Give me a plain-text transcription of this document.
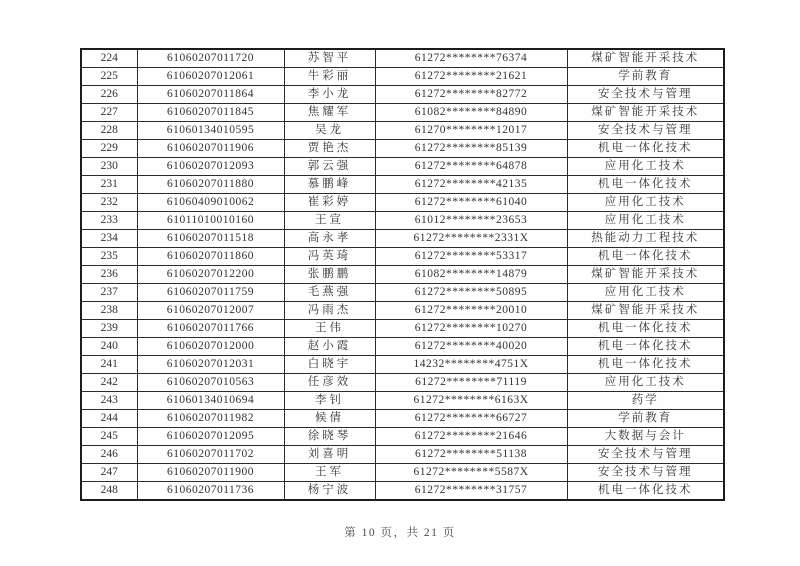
224	61060207011720	苏智平	61272********76374	煤矿智能开采技术
225	61060207012061	牛彩丽	61272********21621	学前教育
226	61060207011864	李小龙	61272********82772	安全技术与管理
227	61060207011845	焦耀军	61082********84890	煤矿智能开采技术
228	61060134010595	吴龙	61270********12017	安全技术与管理
229	61060207011906	贾艳杰	61272********85139	机电一体化技术
230	61060207012093	郭云强	61272********64878	应用化工技术
231	61060207011880	慕鹏峰	61272********42135	机电一体化技术
232	61060409010062	崔彩婷	61272********61040	应用化工技术
233	61011010010160	王宣	61012********23653	应用化工技术
234	61060207011518	高永孝	61272********2331X	热能动力工程技术
235	61060207011860	冯英琦	61272********53317	机电一体化技术
236	61060207012200	张鹏鹏	61082********14879	煤矿智能开采技术
237	61060207011759	毛燕强	61272********50895	应用化工技术
238	61060207012007	冯雨杰	61272********20010	煤矿智能开采技术
239	61060207011766	王伟	61272********10270	机电一体化技术
240	61060207012000	赵小霞	61272********40020	机电一体化技术
241	61060207012031	白晓宇	14232********4751X	机电一体化技术
242	61060207010563	任彦效	61272********71119	应用化工技术
243	61060134010694	李钊	61272********6163X	药学
244	61060207011982	候倩	61272********66727	学前教育
245	61060207012095	徐晓琴	61272********21646	大数据与会计
246	61060207011702	刘喜明	61272********51138	安全技术与管理
247	61060207011900	王军	61272********5587X	安全技术与管理
248	61060207011736	杨宁波	61272********31757	机电一体化技术
第 10 页，共 21 页
